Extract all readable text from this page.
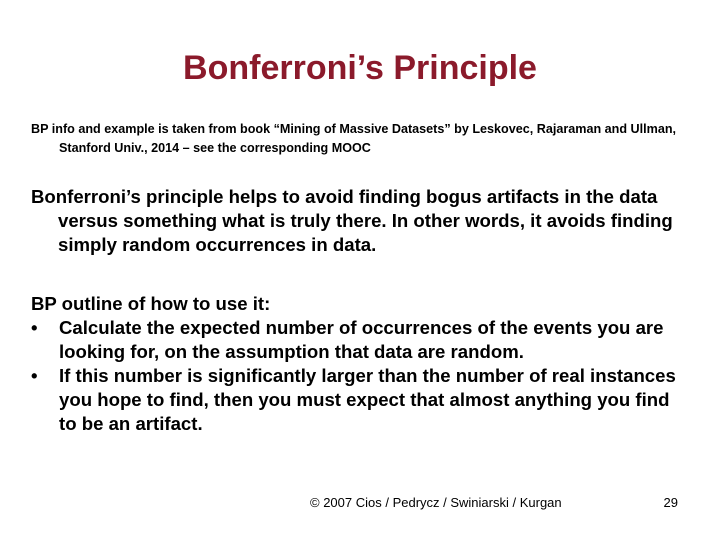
Bonferroni’s Principle

BP info and example is taken from book “Mining of Massive Datasets” by Leskovec, Rajaraman and Ullman, Stanford Univ., 2014 – see the corresponding MOOC

Bonferroni’s principle helps to avoid finding bogus artifacts in the data versus something what is truly there. In other words, it avoids finding simply random occurrences in data.

BP outline of how to use it:

•	Calculate the expected number of occurrences of the events you are looking for, on the assumption that data are random.
•	If this number is significantly larger than the number of real instances you hope to find, then you must expect that almost anything you find to be an artifact.

© 2007 Cios / Pedrycz / Swiniarski / Kurgan	29
